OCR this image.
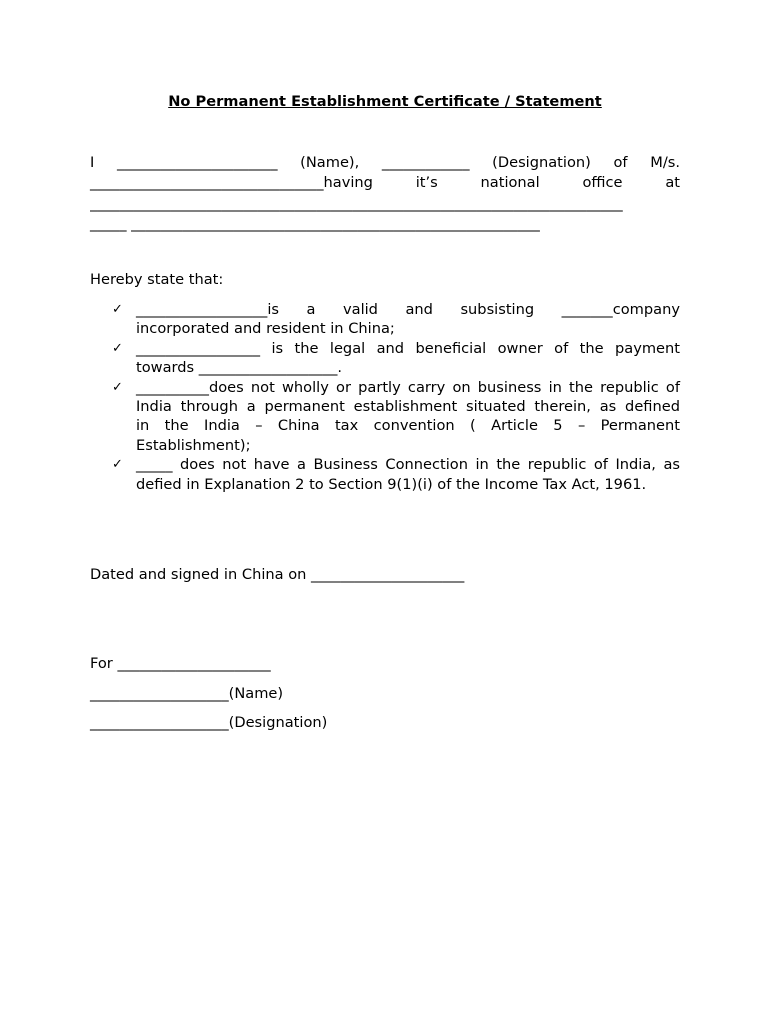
No Permanent Establishment Certificate / Statement
I ______________________ (Name), ____________ (Designation) of M/s.
________________________________having it’s national office at
_________________________________________________________________________
_____ ________________________________________________________
Hereby state that:
✓ __________________is a valid and subsisting _______company
incorporated and resident in China;
✓ _________________ is the legal and beneficial owner of the payment
towards ___________________.
✓ __________does not wholly or partly carry on business in the republic of
India through a permanent establishment situated therein, as defined
in the India – China tax convention ( Article 5 – Permanent
Establishment);
✓ _____ does not have a Business Connection in the republic of India, as
defied in Explanation 2 to Section 9(1)(i) of the Income Tax Act, 1961.
Dated and signed in China on _____________________
For _____________________
___________________(Name)
___________________(Designation)
